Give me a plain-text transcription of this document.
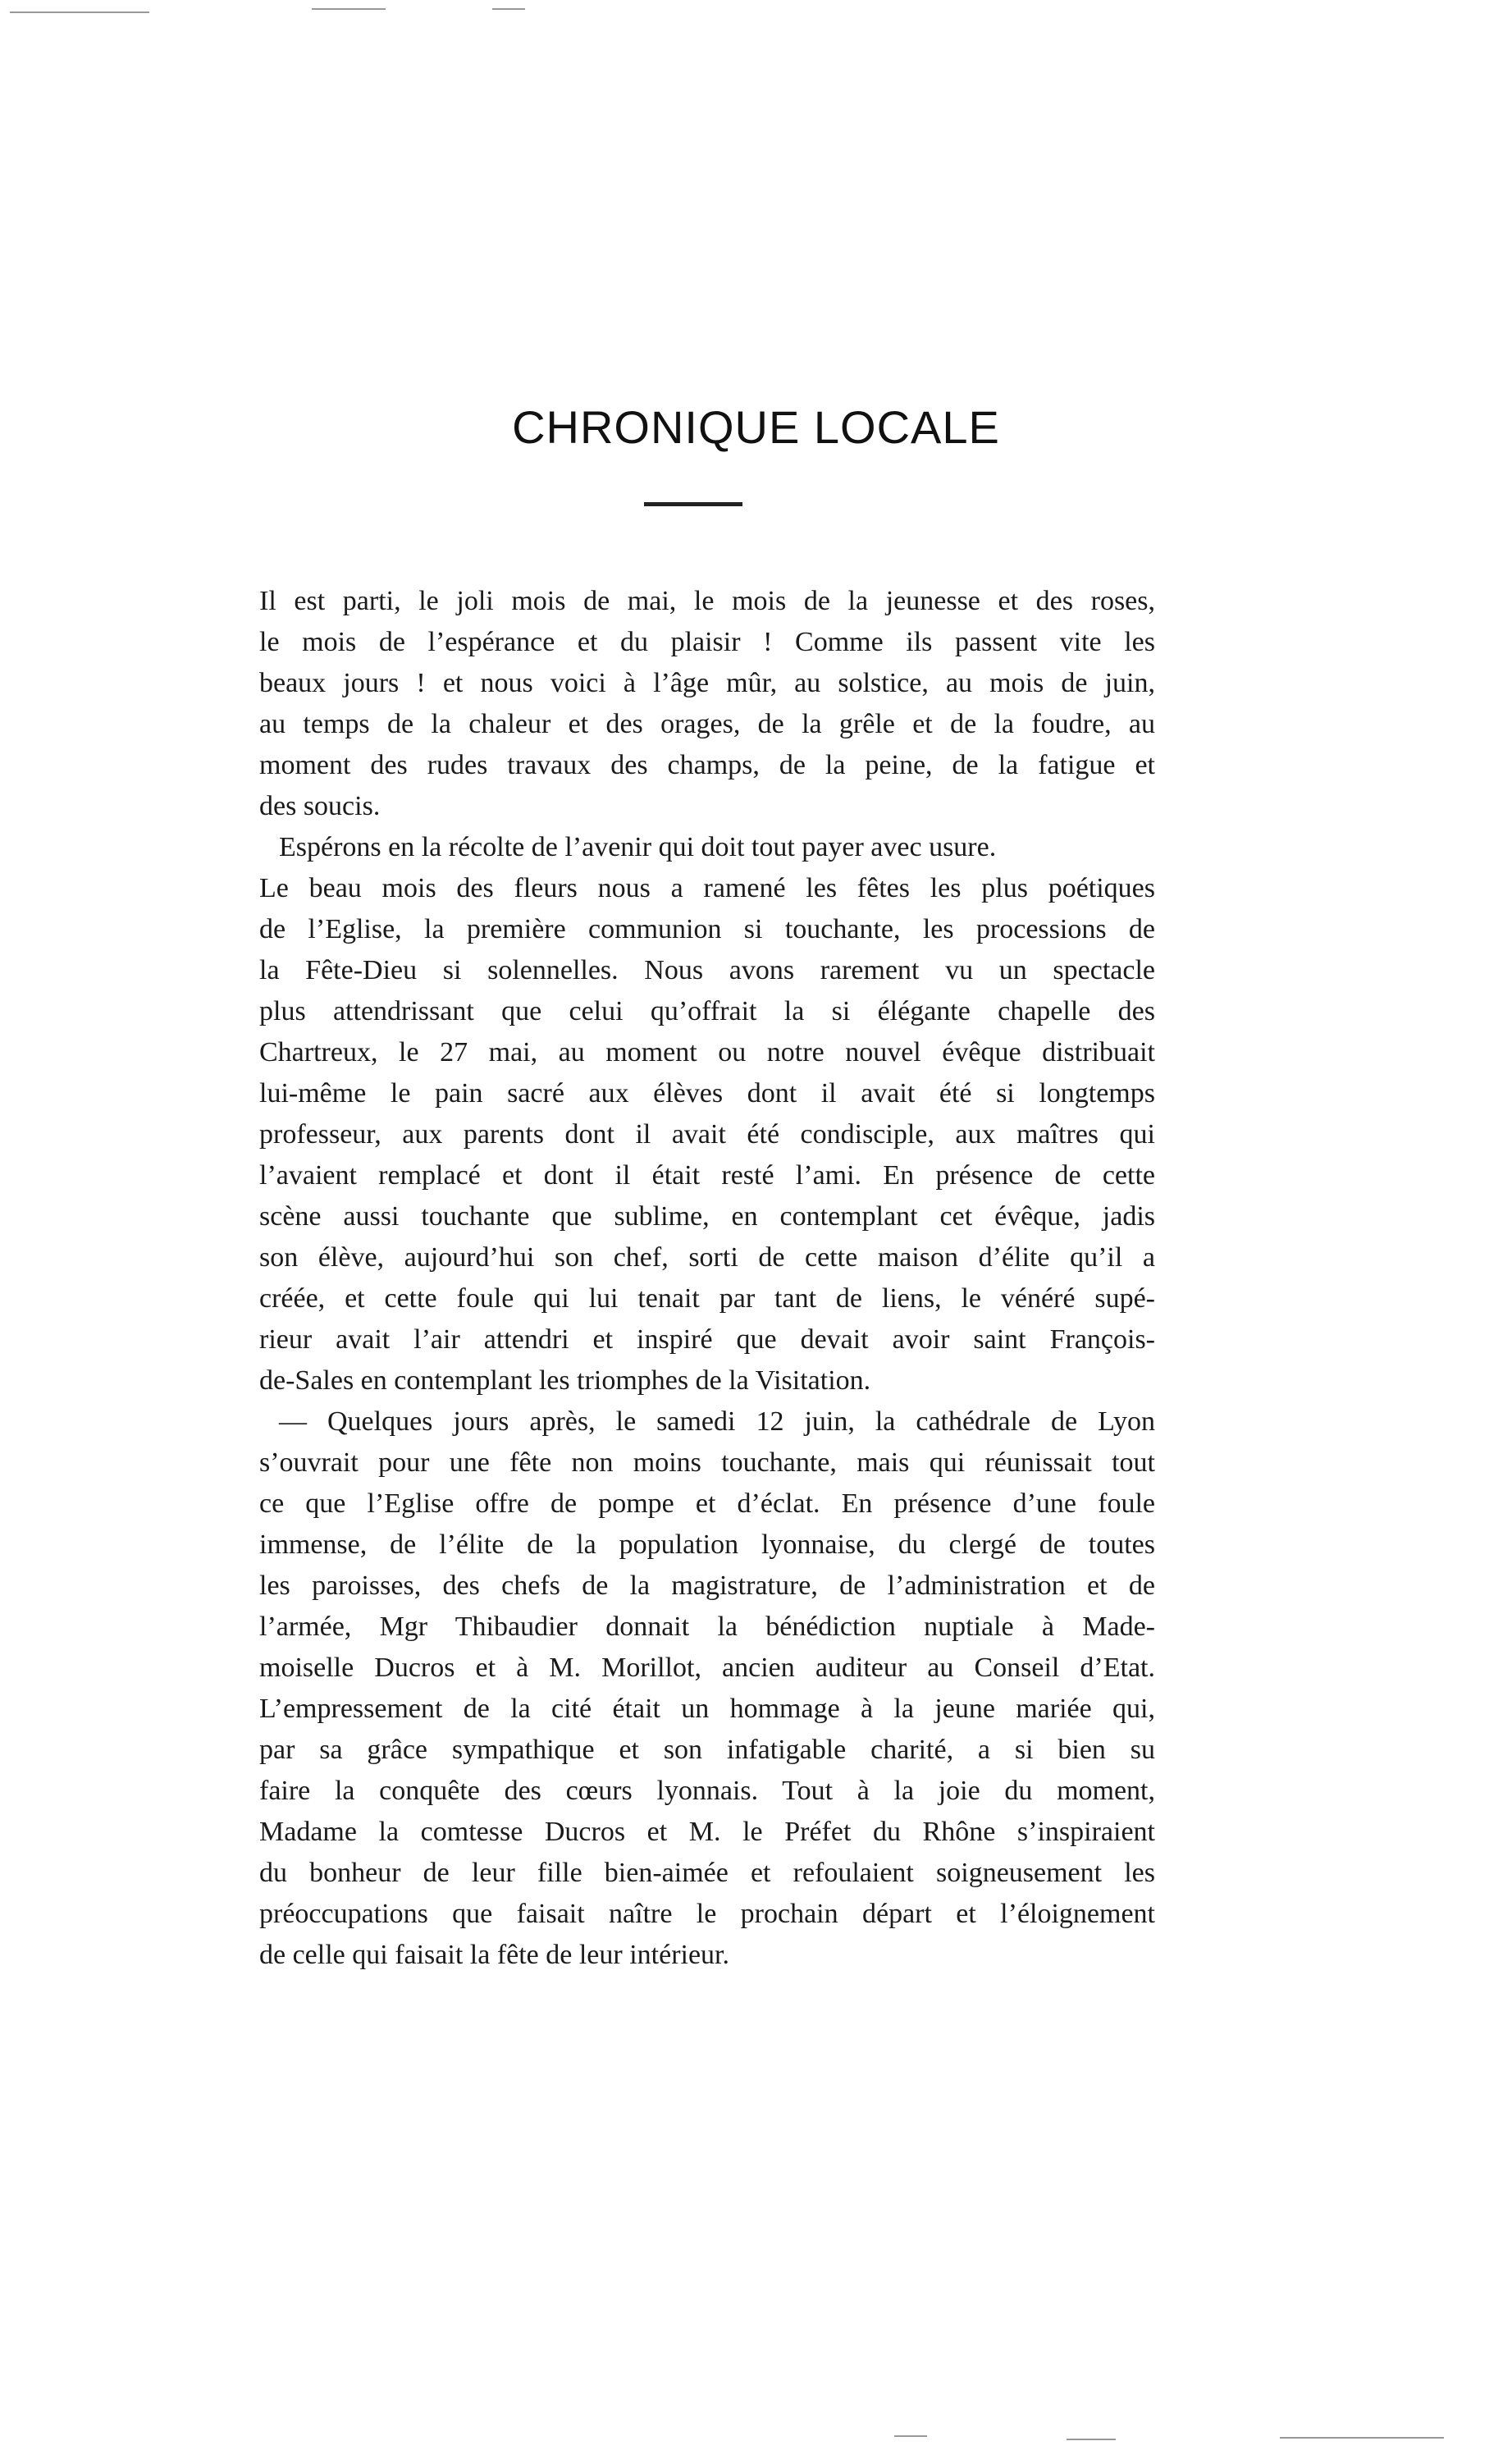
CHRONIQUE LOCALE
Il est parti, le joli mois de mai, le mois de la jeunesse et des roses,
le mois de l’espérance et du plaisir ! Comme ils passent vite les
beaux jours ! et nous voici à l’âge mûr, au solstice, au mois de juin,
au temps de la chaleur et des orages, de la grêle et de la foudre, au
moment des rudes travaux des champs, de la peine, de la fatigue et
des soucis.
Espérons en la récolte de l’avenir qui doit tout payer avec usure.
Le beau mois des fleurs nous a ramené les fêtes les plus poétiques
de l’Eglise, la première communion si touchante, les processions de
la Fête-Dieu si solennelles. Nous avons rarement vu un spectacle
plus attendrissant que celui qu’offrait la si élégante chapelle des
Chartreux, le 27 mai, au moment ou notre nouvel évêque distribuait
lui-même le pain sacré aux élèves dont il avait été si longtemps
professeur, aux parents dont il avait été condisciple, aux maîtres qui
l’avaient remplacé et dont il était resté l’ami. En présence de cette
scène aussi touchante que sublime, en contemplant cet évêque, jadis
son élève, aujourd’hui son chef, sorti de cette maison d’élite qu’il a
créée, et cette foule qui lui tenait par tant de liens, le vénéré supé-
rieur avait l’air attendri et inspiré que devait avoir saint François-
de-Sales en contemplant les triomphes de la Visitation.
— Quelques jours après, le samedi 12 juin, la cathédrale de Lyon
s’ouvrait pour une fête non moins touchante, mais qui réunissait tout
ce que l’Eglise offre de pompe et d’éclat. En présence d’une foule
immense, de l’élite de la population lyonnaise, du clergé de toutes
les paroisses, des chefs de la magistrature, de l’administration et de
l’armée, Mgr Thibaudier donnait la bénédiction nuptiale à Made-
moiselle Ducros et à M. Morillot, ancien auditeur au Conseil d’Etat.
L’empressement de la cité était un hommage à la jeune mariée qui,
par sa grâce sympathique et son infatigable charité, a si bien su
faire la conquête des cœurs lyonnais. Tout à la joie du moment,
Madame la comtesse Ducros et M. le Préfet du Rhône s’inspiraient
du bonheur de leur fille bien-aimée et refoulaient soigneusement les
préoccupations que faisait naître le prochain départ et l’éloignement
de celle qui faisait la fête de leur intérieur.
